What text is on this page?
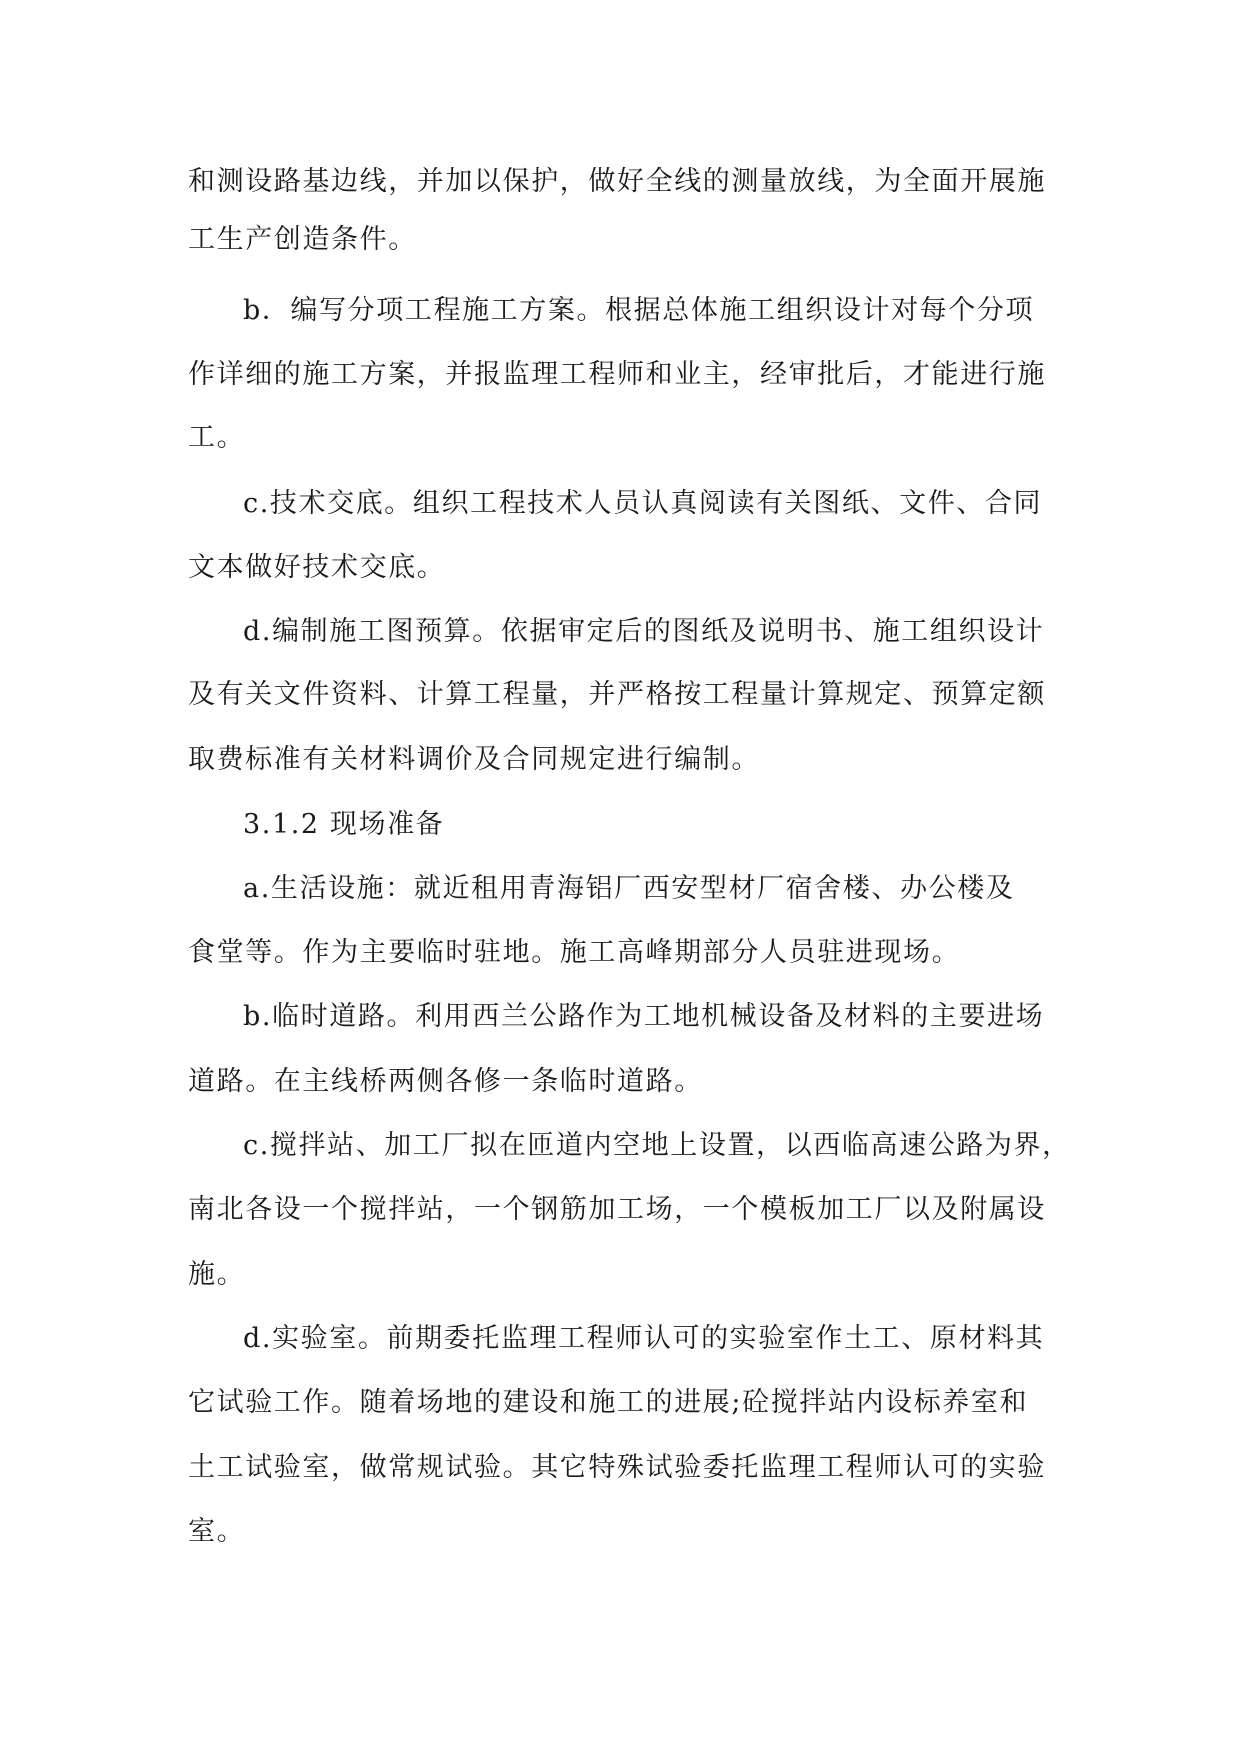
和测设路基边线，并加以保护，做好全线的测量放线，为全面开展施
工生产创造条件。
b．编写分项工程施工方案。根据总体施工组织设计对每个分项
作详细的施工方案，并报监理工程师和业主，经审批后，才能进行施
工。
c.技术交底。组织工程技术人员认真阅读有关图纸、文件、合同
文本做好技术交底。
d.编制施工图预算。依据审定后的图纸及说明书、施工组织设计
及有关文件资料、计算工程量，并严格按工程量计算规定、预算定额
取费标准有关材料调价及合同规定进行编制。
3.1.2 现场准备
a.生活设施：就近租用青海铝厂西安型材厂宿舍楼、办公楼及
食堂等。作为主要临时驻地。施工高峰期部分人员驻进现场。
b.临时道路。利用西兰公路作为工地机械设备及材料的主要进场
道路。在主线桥两侧各修一条临时道路。
c.搅拌站、加工厂拟在匝道内空地上设置，以西临高速公路为界，
南北各设一个搅拌站，一个钢筋加工场，一个模板加工厂以及附属设
施。
d.实验室。前期委托监理工程师认可的实验室作土工、原材料其
它试验工作。随着场地的建设和施工的进展;砼搅拌站内设标养室和
土工试验室，做常规试验。其它特殊试验委托监理工程师认可的实验
室。
